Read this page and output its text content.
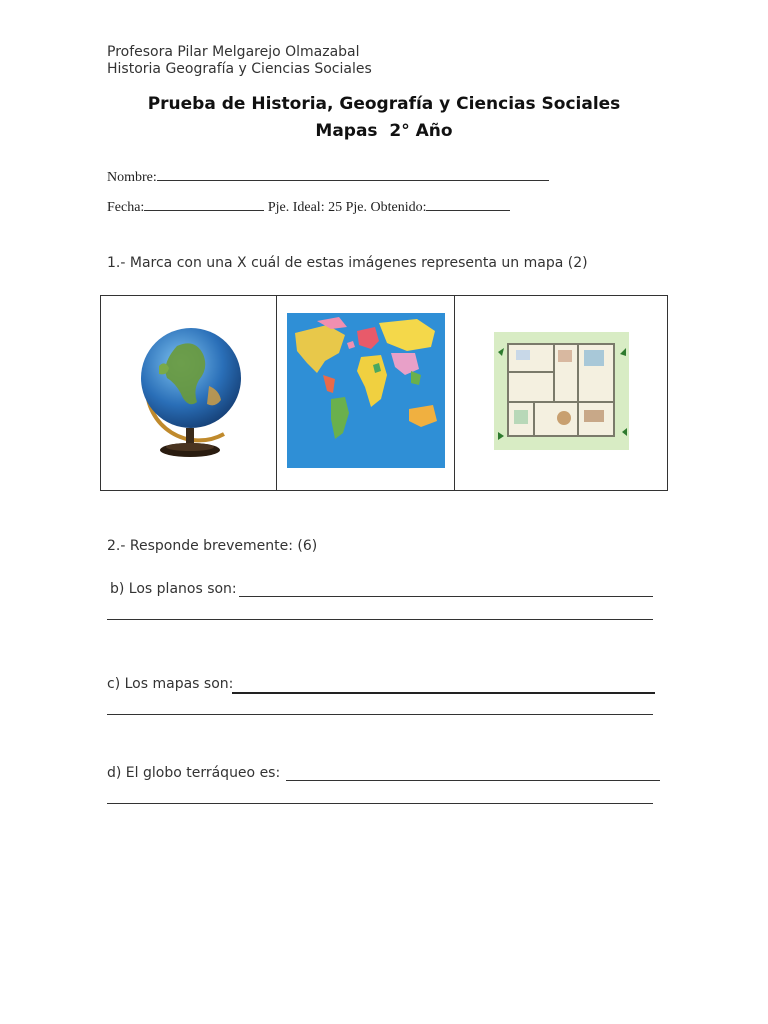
Profesora Pilar Melgarejo Olmazabal
Historia Geografía y Ciencias Sociales
Prueba de Historia, Geografía y Ciencias Sociales
Mapas  2° Año
Nombre:
Fecha:	Pje. Ideal: 25 Pje. Obtenido:
1.- Marca con una X cuál de estas imágenes representa un mapa (2)

2.- Responde brevemente: (6)
b) Los planos son:
c) Los mapas son:
d) El globo terráqueo es:
